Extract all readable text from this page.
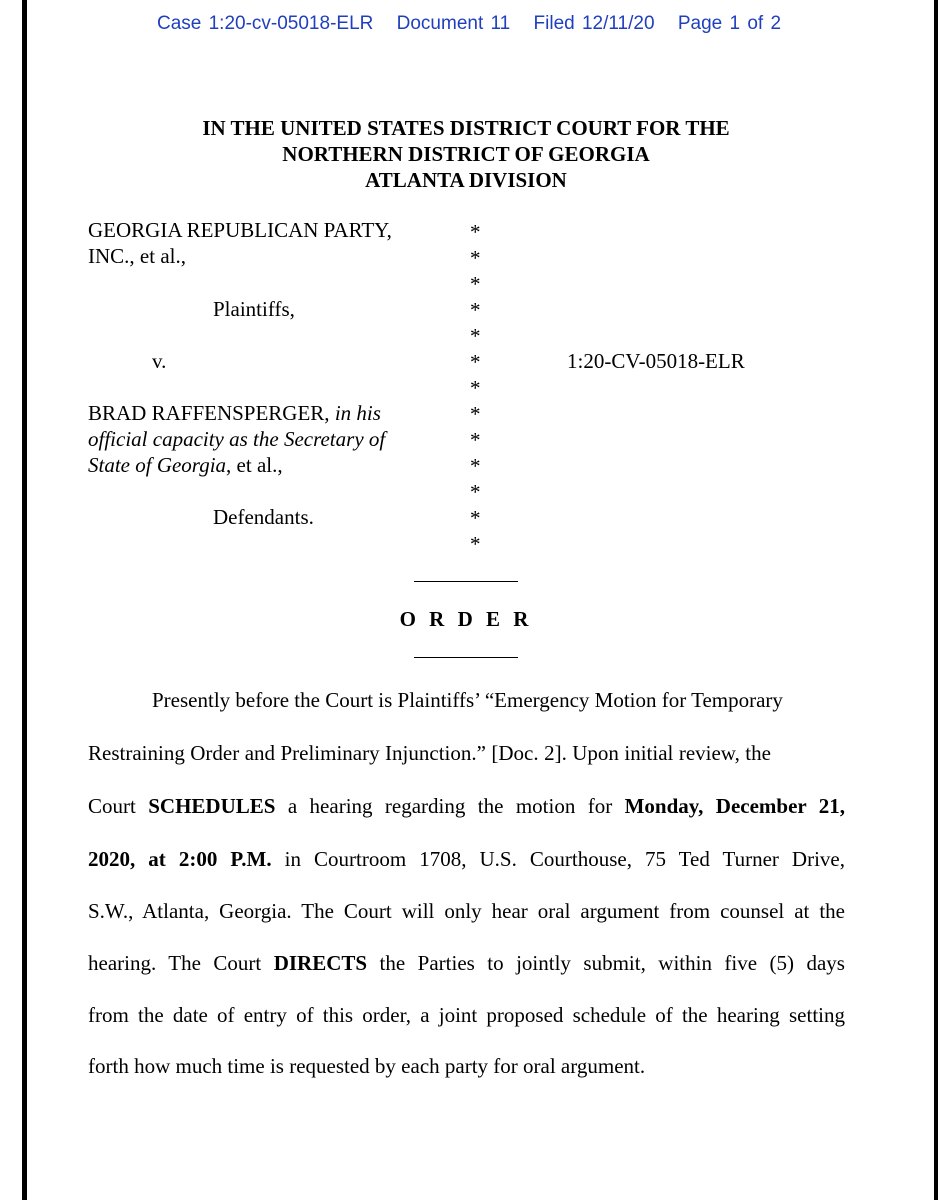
Case 1:20-cv-05018-ELR Document 11 Filed 12/11/20 Page 1 of 2
IN THE UNITED STATES DISTRICT COURT FOR THE
NORTHERN DISTRICT OF GEORGIA
ATLANTA DIVISION
GEORGIA REPUBLICAN PARTY,
INC., et al.,
Plaintiffs,
v.
BRAD RAFFENSPERGER, in his
official capacity as the Secretary of
State of Georgia, et al.,
Defendants.
*
*
*
*
*
*
*
*
*
*
*
*
*
1:20-CV-05018-ELR
O R D E R
Presently before the Court is Plaintiffs’ “Emergency Motion for Temporary
Restraining Order and Preliminary Injunction.” [Doc. 2]. Upon initial review, the
Court SCHEDULES a hearing regarding the motion for Monday, December 21,
2020, at 2:00 P.M. in Courtroom 1708, U.S. Courthouse, 75 Ted Turner Drive,
S.W., Atlanta, Georgia. The Court will only hear oral argument from counsel at the
hearing. The Court DIRECTS the Parties to jointly submit, within five (5) days
from the date of entry of this order, a joint proposed schedule of the hearing setting
forth how much time is requested by each party for oral argument.
